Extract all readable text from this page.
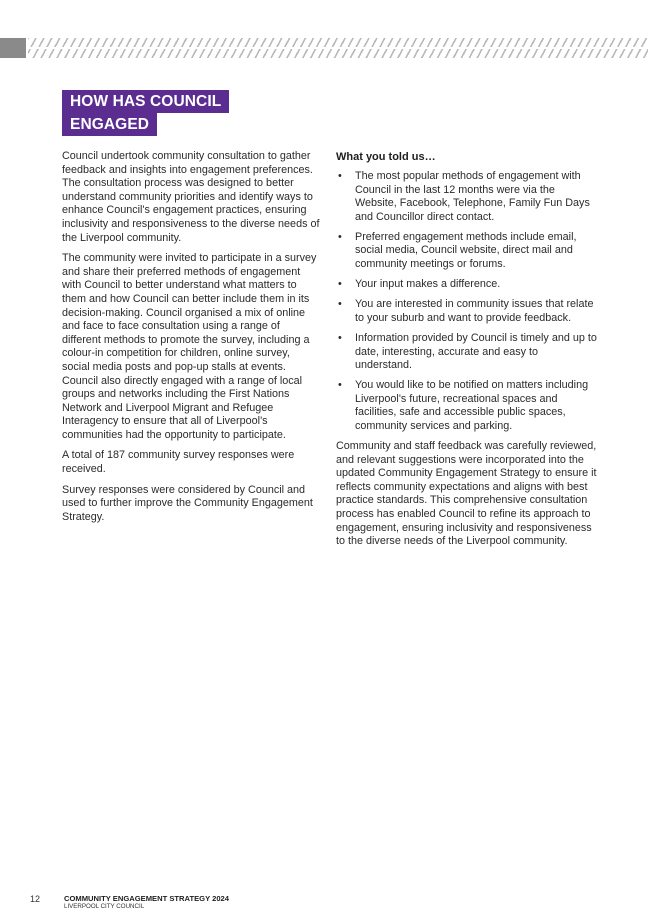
HOW HAS COUNCIL
ENGAGED

Council undertook community consultation to gather feedback and insights into engagement preferences. The consultation process was designed to better understand community priorities and identify ways to enhance Council's engagement practices, ensuring inclusivity and responsiveness to the diverse needs of the Liverpool community.

The community were invited to participate in a survey and share their preferred methods of engagement with Council to better understand what matters to them and how Council can better include them in its decision-making. Council organised a mix of online and face to face consultation using a range of different methods to promote the survey, including a colour-in competition for children, online survey, social media posts and pop-up stalls at events. Council also directly engaged with a range of local groups and networks including the First Nations Network and Liverpool Migrant and Refugee Interagency to ensure that all of Liverpool's communities had the opportunity to participate.

A total of 187 community survey responses were received.

Survey responses were considered by Council and used to further improve the Community Engagement Strategy.

What you told us…
• The most popular methods of engagement with Council in the last 12 months were via the Website, Facebook, Telephone, Family Fun Days and Councillor direct contact.
• Preferred engagement methods include email, social media, Council website, direct mail and community meetings or forums.
• Your input makes a difference.
• You are interested in community issues that relate to your suburb and want to provide feedback.
• Information provided by Council is timely and up to date, interesting, accurate and easy to understand.
• You would like to be notified on matters including Liverpool's future, recreational spaces and facilities, safe and accessible public spaces, community services and parking.

Community and staff feedback was carefully reviewed, and relevant suggestions were incorporated into the updated Community Engagement Strategy to ensure it reflects community expectations and aligns with best practice standards. This comprehensive consultation process has enabled Council to refine its approach to engagement, ensuring inclusivity and responsiveness to the diverse needs of the Liverpool community.

12	COMMUNITY ENGAGEMENT STRATEGY 2024
LIVERPOOL CITY COUNCIL
